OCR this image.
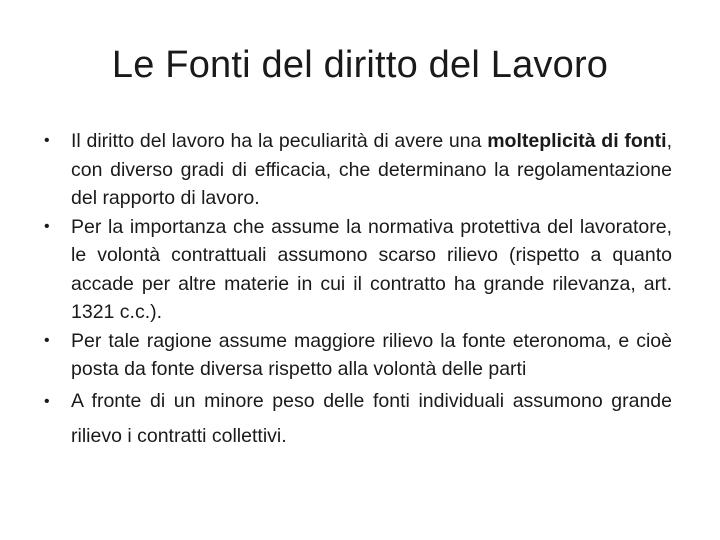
Le Fonti del diritto del Lavoro
• Il diritto del lavoro ha la peculiarità di avere una molteplicità di fonti, con diverso gradi di efficacia, che determinano la regolamentazione del rapporto di lavoro.
• Per la importanza che assume la normativa protettiva del lavoratore, le volontà contrattuali assumono scarso rilievo (rispetto a quanto accade per altre materie in cui il contratto ha grande rilevanza, art. 1321 c.c.).
• Per tale ragione assume maggiore rilievo la fonte eteronoma, e cioè posta da fonte diversa rispetto alla volontà delle parti
• A fronte di un minore peso delle fonti individuali assumono grande rilievo i contratti collettivi.
